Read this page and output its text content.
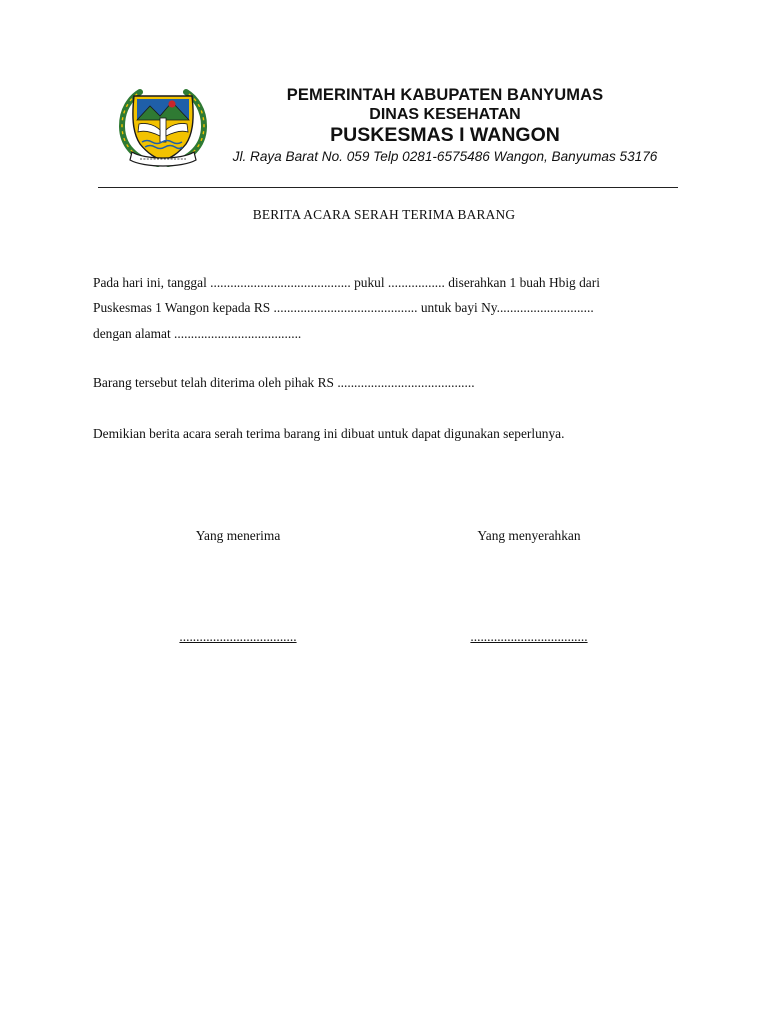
PEMERINTAH KABUPATEN BANYUMAS
DINAS KESEHATAN
PUSKESMAS I WANGON
Jl. Raya Barat No. 059 Telp 0281-6575486 Wangon, Banyumas 53176
BERITA ACARA SERAH TERIMA BARANG
Pada hari ini, tanggal .......................................... pukul ................. diserahkan 1 buah Hbig dari
Puskesmas 1 Wangon kepada RS ........................................... untuk bayi Ny.............................
dengan alamat ......................................
Barang tersebut telah diterima oleh pihak RS .........................................
Demikian berita acara serah terima barang ini dibuat untuk dapat digunakan seperlunya.
Yang menerima	Yang menyerahkan
...................................	...................................
